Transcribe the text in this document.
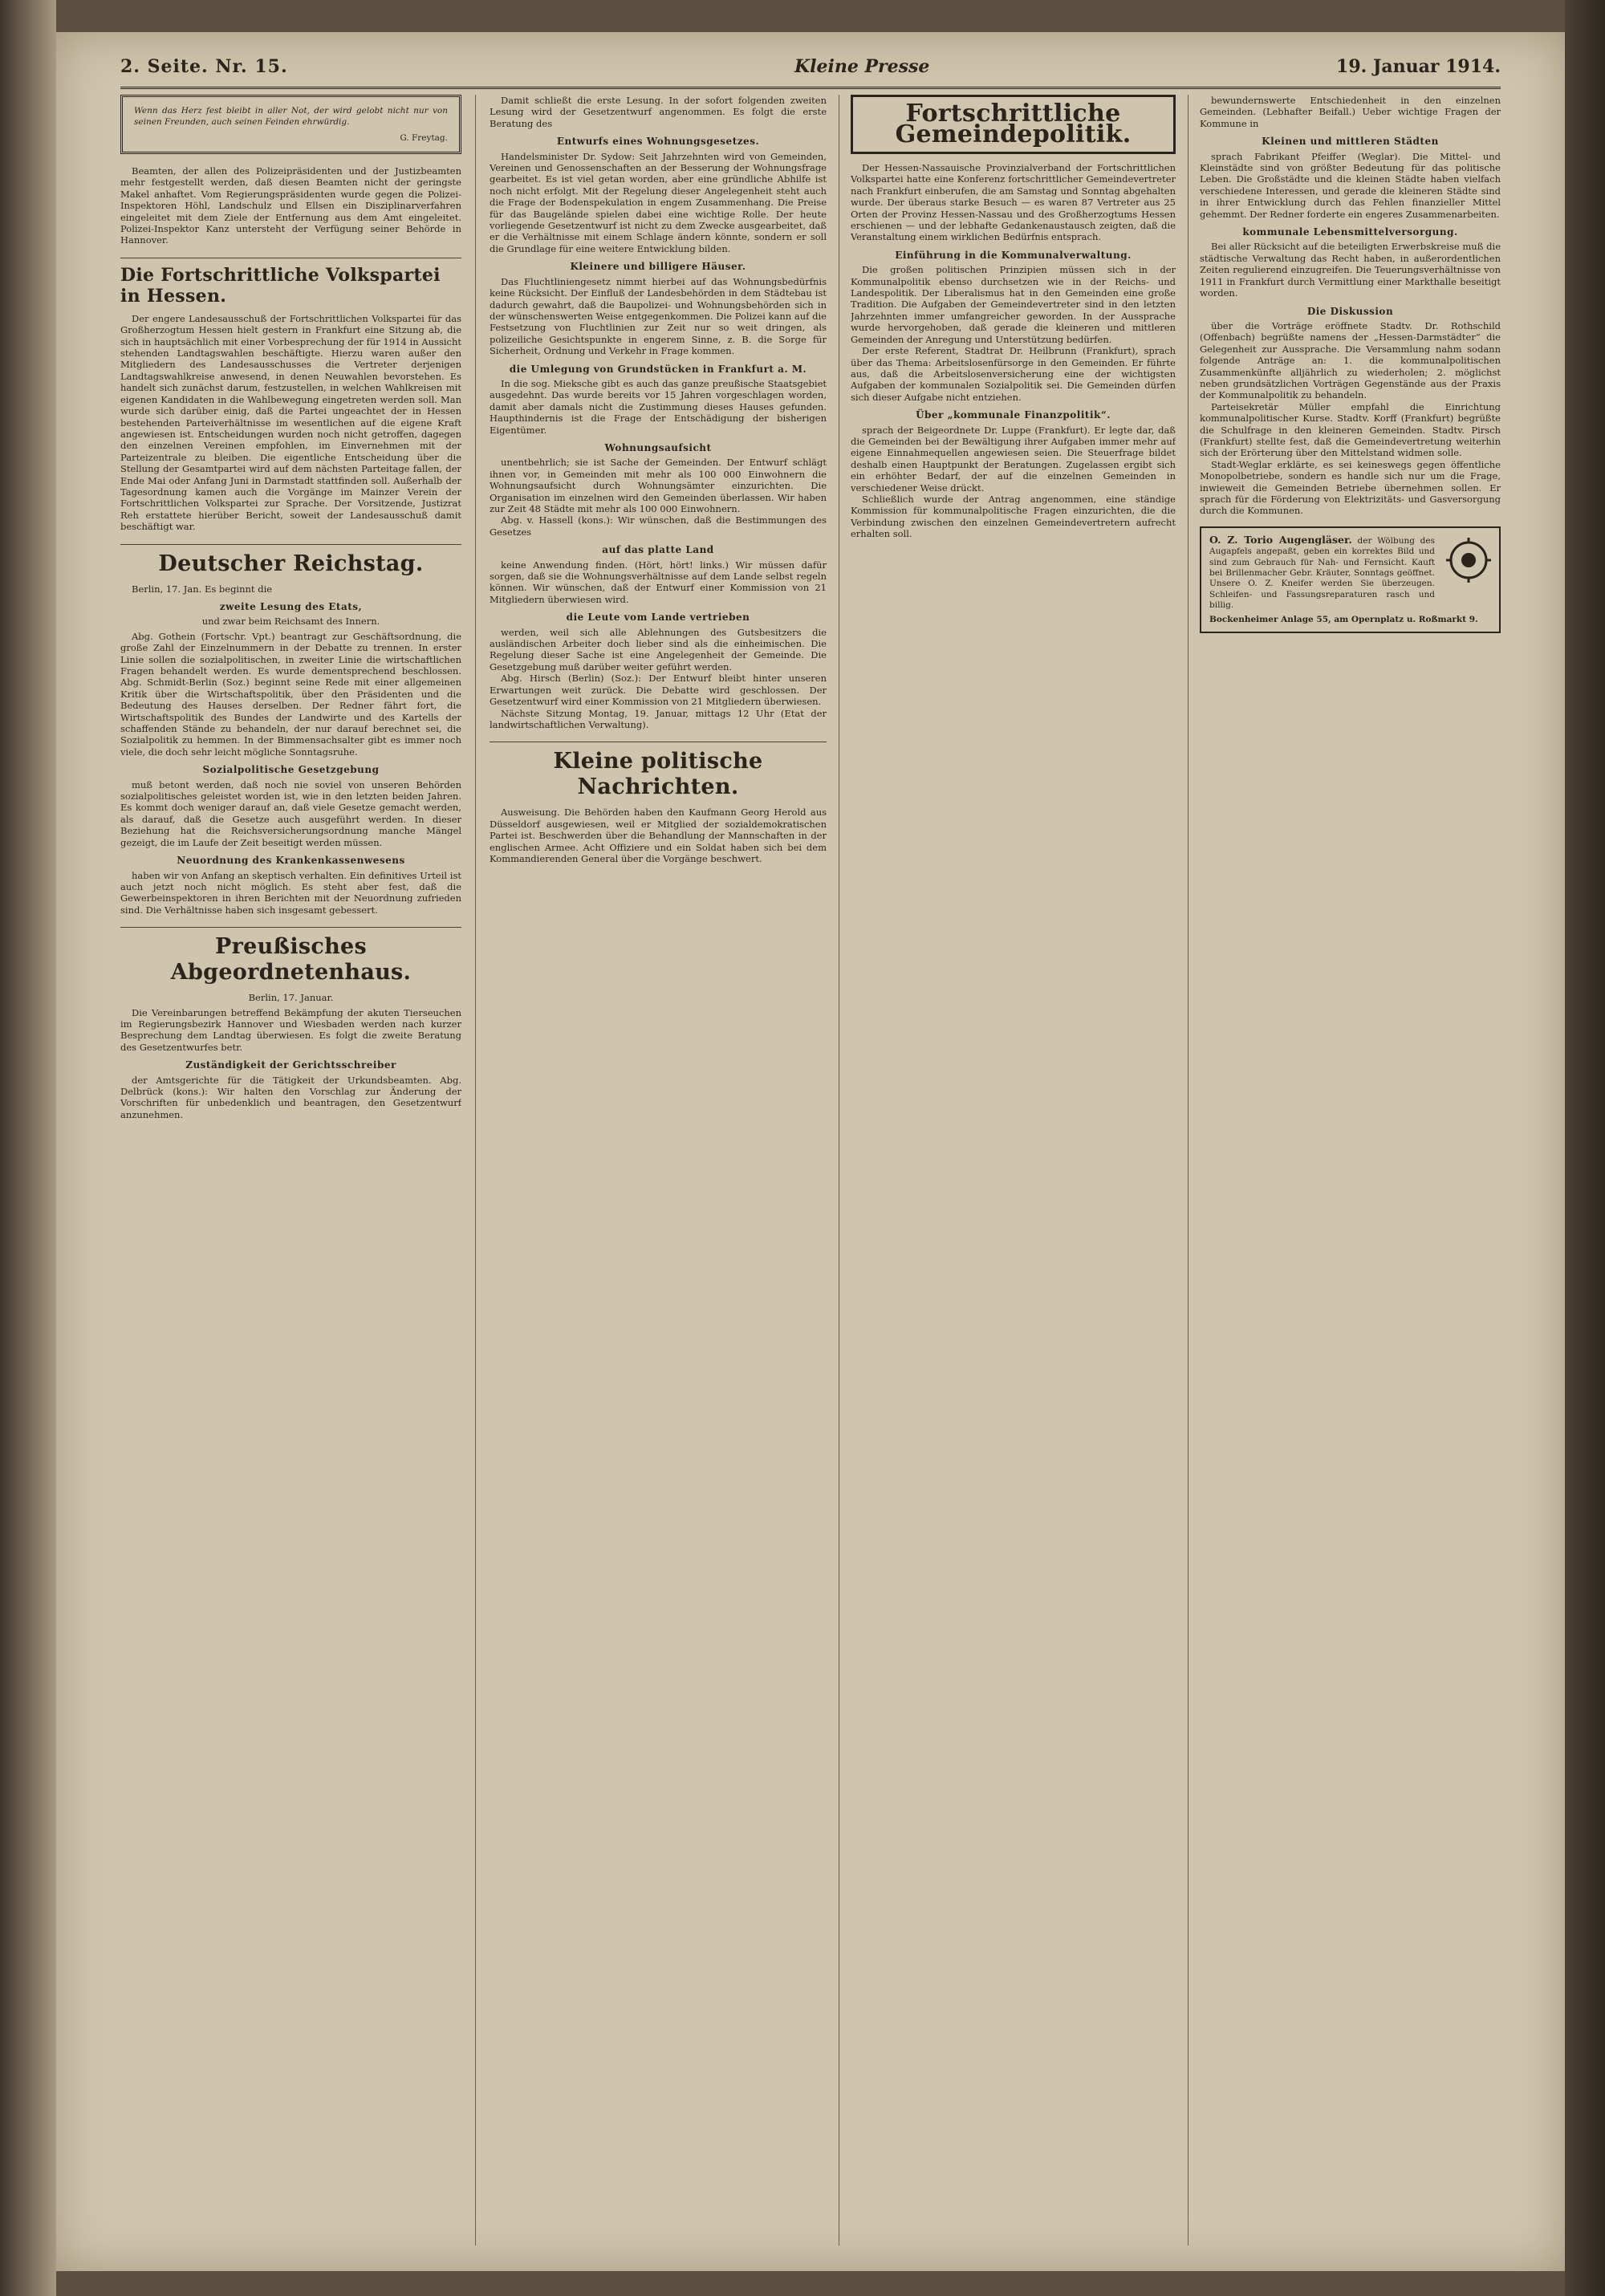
2. Seite. Nr. 15.	Kleine Presse	19. Januar 1914.
Wenn das Herz fest bleibt in aller Not, der wird gelobt nicht nur von seinen Freunden, auch seinen Feinden ehrwürdig.
G. Freytag.

Beamten, der allen des Polizeipräsidenten und der Justizbeamten mehr festgestellt werden, daß diesen Beamten nicht der geringste Makel anhaftet. Vom Regierungspräsidenten wurde gegen die Polizei-Inspektoren Höhl, Landschulz und Ellsen ein Disziplinarverfahren eingeleitet mit dem Ziele der Entfernung aus dem Amt eingeleitet. Polizei-Inspektor Kanz untersteht der Verfügung seiner Behörde in Hannover.

Die Fortschrittliche Volkspartei in Hessen.

Der engere Landesausschuß der Fortschrittlichen Volkspartei für das Großherzogtum Hessen hielt gestern in Frankfurt eine Sitzung ab, die sich in hauptsächlich mit einer Vorbesprechung der für 1914 in Aussicht stehenden Landtagswahlen beschäftigte. Hierzu waren außer den Mitgliedern des Landesausschusses die Vertreter derjenigen Landtagswahlkreise anwesend, in denen Neuwahlen bevorstehen. Es handelt sich zunächst darum, festzustellen, in welchen Wahlkreisen mit eigenen Kandidaten in die Wahlbewegung eingetreten werden soll. Man wurde sich darüber einig, daß die Partei ungeachtet der in Hessen bestehenden Parteiverhältnisse im wesentlichen auf die eigene Kraft angewiesen ist. Entscheidungen wurden noch nicht getroffen, dagegen den einzelnen Vereinen empfohlen, im Einvernehmen mit der Parteizentrale zu bleiben. Die eigentliche Entscheidung über die Stellung der Gesamtpartei wird auf dem nächsten Parteitage fallen, der Ende Mai oder Anfang Juni in Darmstadt stattfinden soll. Außerhalb der Tagesordnung kamen auch die Vorgänge im Mainzer Verein der Fortschrittlichen Volkspartei zur Sprache. Der Vorsitzende, Justizrat Reh erstattete hierüber Bericht, soweit der Landesausschuß damit beschäftigt war.

Deutscher Reichstag.

Berlin, 17. Jan. Es beginnt die

zweite Lesung des Etats,
und zwar beim Reichsamt des Innern.

Abg. Gothein (Fortschr. Vpt.) beantragt zur Geschäftsordnung, die große Zahl der Einzelnummern in der Debatte zu trennen. In erster Linie sollen die sozialpolitischen, in zweiter Linie die wirtschaftlichen Fragen behandelt werden. Es wurde dementsprechend beschlossen. Abg. Schmidt-Berlin (Soz.) beginnt seine Rede mit einer allgemeinen Kritik über die Wirtschaftspolitik, über den Präsidenten und die Bedeutung des Hauses derselben. Der Redner fährt fort, die Wirtschaftspolitik des Bundes der Landwirte und des Kartells der schaffenden Stände zu behandeln, der nur darauf berechnet sei, die Sozialpolitik zu hemmen. In der Bimmensachsalter gibt es immer noch viele, die doch sehr leicht mögliche Sonntagsruhe.

Sozialpolitische Gesetzgebung

muß betont werden, daß noch nie soviel von unseren Behörden sozialpolitisches geleistet worden ist, wie in den letzten beiden Jahren. Es kommt doch weniger darauf an, daß viele Gesetze gemacht werden, als darauf, daß die Gesetze auch ausgeführt werden. In dieser Beziehung hat die Reichsversicherungsordnung manche Mängel gezeigt, die im Laufe der Zeit beseitigt werden müssen.

Neuordnung des Krankenkassenwesens

haben wir von Anfang an skeptisch verhalten. Ein definitives Urteil ist auch jetzt noch nicht möglich. Es steht aber fest, daß die Gewerbeinspektoren in ihren Berichten mit der Neuordnung zufrieden sind. Die Verhältnisse haben sich insgesamt gebessert.

Preußisches Abgeordnetenhaus.
Berlin, 17. Januar.

Die Vereinbarungen betreffend Bekämpfung der akuten Tierseuchen im Regierungsbezirk Hannover und Wiesbaden werden nach kurzer Besprechung dem Landtag überwiesen. Es folgt die zweite Beratung des Gesetzentwurfes betr.

Zuständigkeit der Gerichtsschreiber

der Amtsgerichte für die Tätigkeit der Urkundsbeamten. Abg. Delbrück (kons.): Wir halten den Vorschlag zur Änderung der Vorschriften für unbedenklich und beantragen, den Gesetzentwurf anzunehmen.

Damit schließt die erste Lesung. In der sofort folgenden zweiten Lesung wird der Gesetzentwurf angenommen. Es folgt die erste Beratung des

Entwurfs eines Wohnungsgesetzes.

Handelsminister Dr. Sydow: Seit Jahrzehnten wird von Gemeinden, Vereinen und Genossenschaften an der Besserung der Wohnungsfrage gearbeitet. Es ist viel getan worden, aber eine gründliche Abhilfe ist noch nicht erfolgt. Mit der Regelung dieser Angelegenheit steht auch die Frage der Bodenspekulation in engem Zusammenhang. Die Preise für das Baugelände spielen dabei eine wichtige Rolle. Der heute vorliegende Gesetzentwurf ist nicht zu dem Zwecke ausgearbeitet, daß er die Verhältnisse mit einem Schlage ändern könnte, sondern er soll die Grundlage für eine weitere Entwicklung bilden.

Kleinere und billigere Häuser.

Das Fluchtliniengesetz nimmt hierbei auf das Wohnungsbedürfnis keine Rücksicht. Der Einfluß der Landesbehörden in dem Städtebau ist dadurch gewahrt, daß die Baupolizei- und Wohnungsbehörden sich in der wünschenswerten Weise entgegenkommen. Die Polizei kann auf die Festsetzung von Fluchtlinien zur Zeit nur so weit dringen, als polizeiliche Gesichtspunkte in engerem Sinne, z. B. die Sorge für Sicherheit, Ordnung und Verkehr in Frage kommen.

die Umlegung von Grundstücken in Frankfurt a. M.

In die sog. Mieksche gibt es auch das ganze preußische Staatsgebiet ausgedehnt. Das wurde bereits vor 15 Jahren vorgeschlagen worden, damit aber damals nicht die Zustimmung dieses Hauses gefunden. Haupthindernis ist die Frage der Entschädigung der bisherigen Eigentümer.

Wohnungsaufsicht

unentbehrlich; sie ist Sache der Gemeinden. Der Entwurf schlägt ihnen vor, in Gemeinden mit mehr als 100 000 Einwohnern die Wohnungsaufsicht durch Wohnungsämter einzurichten. Die Organisation im einzelnen wird den Gemeinden überlassen. Wir haben zur Zeit 48 Städte mit mehr als 100 000 Einwohnern.

Abg. v. Hassell (kons.): Wir wünschen, daß die Bestimmungen des Gesetzes

auf das platte Land

keine Anwendung finden. (Hört, hört! links.) Wir müssen dafür sorgen, daß sie die Wohnungsverhältnisse auf dem Lande selbst regeln können. Wir wünschen, daß der Entwurf einer Kommission von 21 Mitgliedern überwiesen wird.

die Leute vom Lande vertrieben

werden, weil sich alle Ablehnungen des Gutsbesitzers die ausländischen Arbeiter doch lieber sind als die einheimischen. Die Regelung dieser Sache ist eine Angelegenheit der Gemeinde. Die Gesetzgebung muß darüber weiter geführt werden.

Abg. Hirsch (Berlin) (Soz.): Der Entwurf bleibt hinter unseren Erwartungen weit zurück. Die Debatte wird geschlossen. Der Gesetzentwurf wird einer Kommission von 21 Mitgliedern überwiesen.

Nächste Sitzung Montag, 19. Januar, mittags 12 Uhr (Etat der landwirtschaftlichen Verwaltung).

Kleine politische Nachrichten.

Ausweisung. Die Behörden haben den Kaufmann Georg Herold aus Düsseldorf ausgewiesen, weil er Mitglied der sozialdemokratischen Partei ist. Beschwerden über die Behandlung der Mannschaften in der englischen Armee. Acht Offiziere und ein Soldat haben sich bei dem Kommandierenden General über die Vorgänge beschwert.

Fortschrittliche Gemeindepolitik.

Der Hessen-Nassauische Provinzialverband der Fortschrittlichen Volkspartei hatte eine Konferenz fortschrittlicher Gemeindevertreter nach Frankfurt einberufen, die am Samstag und Sonntag abgehalten wurde. Der überaus starke Besuch — es waren 87 Vertreter aus 25 Orten der Provinz Hessen-Nassau und des Großherzogtums Hessen erschienen — und der lebhafte Gedankenaustausch zeigten, daß die Veranstaltung einem wirklichen Bedürfnis entsprach.

Einführung in die Kommunalverwaltung.

Die großen politischen Prinzipien müssen sich in der Kommunalpolitik ebenso durchsetzen wie in der Reichs- und Landespolitik. Der Liberalismus hat in den Gemeinden eine große Tradition. Die Aufgaben der Gemeindevertreter sind in den letzten Jahrzehnten immer umfangreicher geworden. In der Aussprache wurde hervorgehoben, daß gerade die kleineren und mittleren Gemeinden der Anregung und Unterstützung bedürfen.

Der erste Referent, Stadtrat Dr. Heilbrunn (Frankfurt), sprach über das Thema: Arbeitslosenfürsorge in den Gemeinden. Er führte aus, daß die Arbeitslosenversicherung eine der wichtigsten Aufgaben der kommunalen Sozialpolitik sei. Die Gemeinden dürfen sich dieser Aufgabe nicht entziehen.

Über „kommunale Finanzpolitik“.

sprach der Beigeordnete Dr. Luppe (Frankfurt). Er legte dar, daß die Gemeinden bei der Bewältigung ihrer Aufgaben immer mehr auf eigene Einnahmequellen angewiesen seien. Die Steuerfrage bildet deshalb einen Hauptpunkt der Beratungen. Zugelassen ergibt sich ein erhöhter Bedarf, der auf die einzelnen Gemeinden in verschiedener Weise drückt.

Schließlich wurde der Antrag angenommen, eine ständige Kommission für kommunalpolitische Fragen einzurichten, die die Verbindung zwischen den einzelnen Gemeindevertretern aufrecht erhalten soll.

bewundernswerte Entschiedenheit in den einzelnen Gemeinden. (Lebhafter Beifall.) Ueber wichtige Fragen der Kommune in

Kleinen und mittleren Städten

sprach Fabrikant Pfeiffer (Weglar). Die Mittel- und Kleinstädte sind von größter Bedeutung für das politische Leben. Die Großstädte und die kleinen Städte haben vielfach verschiedene Interessen, und gerade die kleineren Städte sind in ihrer Entwicklung durch das Fehlen finanzieller Mittel gehemmt. Der Redner forderte ein engeres Zusammenarbeiten.

kommunale Lebensmittelversorgung.

Bei aller Rücksicht auf die beteiligten Erwerbskreise muß die städtische Verwaltung das Recht haben, in außerordentlichen Zeiten regulierend einzugreifen. Die Teuerungsverhältnisse von 1911 in Frankfurt durch Vermittlung einer Markthalle beseitigt worden.

Die Diskussion

über die Vorträge eröffnete Stadtv. Dr. Rothschild (Offenbach) begrüßte namens der „Hessen-Darmstädter“ die Gelegenheit zur Aussprache. Die Versammlung nahm sodann folgende Anträge an: 1. die kommunalpolitischen Zusammenkünfte alljährlich zu wiederholen; 2. möglichst neben grundsätzlichen Vorträgen Gegenstände aus der Praxis der Kommunalpolitik zu behandeln.

Parteisekretär Müller empfahl die Einrichtung kommunalpolitischer Kurse. Stadtv. Korff (Frankfurt) begrüßte die Schulfrage in den kleineren Gemeinden. Stadtv. Pirsch (Frankfurt) stellte fest, daß die Gemeindevertretung weiterhin sich der Erörterung über den Mittelstand widmen solle.

Stadt-Weglar erklärte, es sei keineswegs gegen öffentliche Monopolbetriebe, sondern es handle sich nur um die Frage, inwieweit die Gemeinden Betriebe übernehmen sollen. Er sprach für die Förderung von Elektrizitäts- und Gasversorgung durch die Kommunen.

O. Z. Torio Augengläser. der Wölbung des Augapfels angepaßt, geben ein korrektes Bild und sind zum Gebrauch für Nah- und Fernsicht. Kauft bei Brillenmacher Gebr. Kräuter, Sonntags geöffnet. Unsere O. Z. Kneifer werden Sie überzeugen. Schleifen- und Fassungsreparaturen rasch und billig.
Bockenheimer Anlage 55, am Opernplatz u. Roßmarkt 9.
